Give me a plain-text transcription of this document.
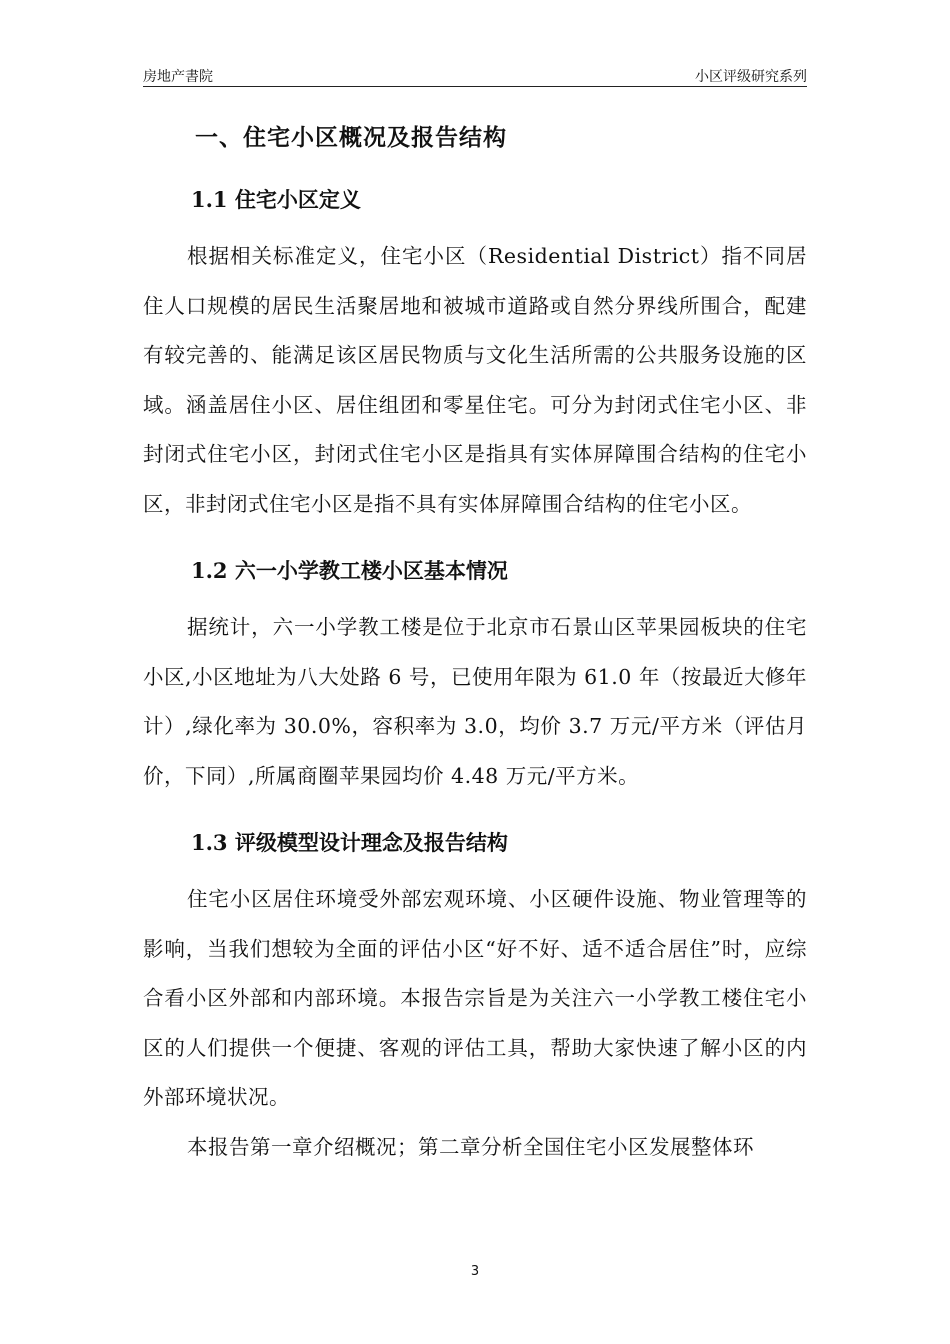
房地产書院	小区评级研究系列
一、住宅小区概况及报告结构
1.1 住宅小区定义

根据相关标准定义，住宅小区（Residential District）指不同居住人口规模的居民生活聚居地和被城市道路或自然分界线所围合，配建有较完善的、能满足该区居民物质与文化生活所需的公共服务设施的区域。涵盖居住小区、居住组团和零星住宅。可分为封闭式住宅小区、非封闭式住宅小区，封闭式住宅小区是指具有实体屏障围合结构的住宅小区，非封闭式住宅小区是指不具有实体屏障围合结构的住宅小区。

1.2 六一小学教工楼小区基本情况

据统计，六一小学教工楼是位于北京市石景山区苹果园板块的住宅小区,小区地址为八大处路 6 号，已使用年限为 61.0 年（按最近大修年计）,绿化率为 30.0%，容积率为 3.0，均价 3.7 万元/平方米（评估月价，下同）,所属商圈苹果园均价 4.48 万元/平方米。

1.3 评级模型设计理念及报告结构

住宅小区居住环境受外部宏观环境、小区硬件设施、物业管理等的影响，当我们想较为全面的评估小区“好不好、适不适合居住”时，应综合看小区外部和内部环境。本报告宗旨是为关注六一小学教工楼住宅小区的人们提供一个便捷、客观的评估工具，帮助大家快速了解小区的内外部环境状况。

本报告第一章介绍概况；第二章分析全国住宅小区发展整体环

3
